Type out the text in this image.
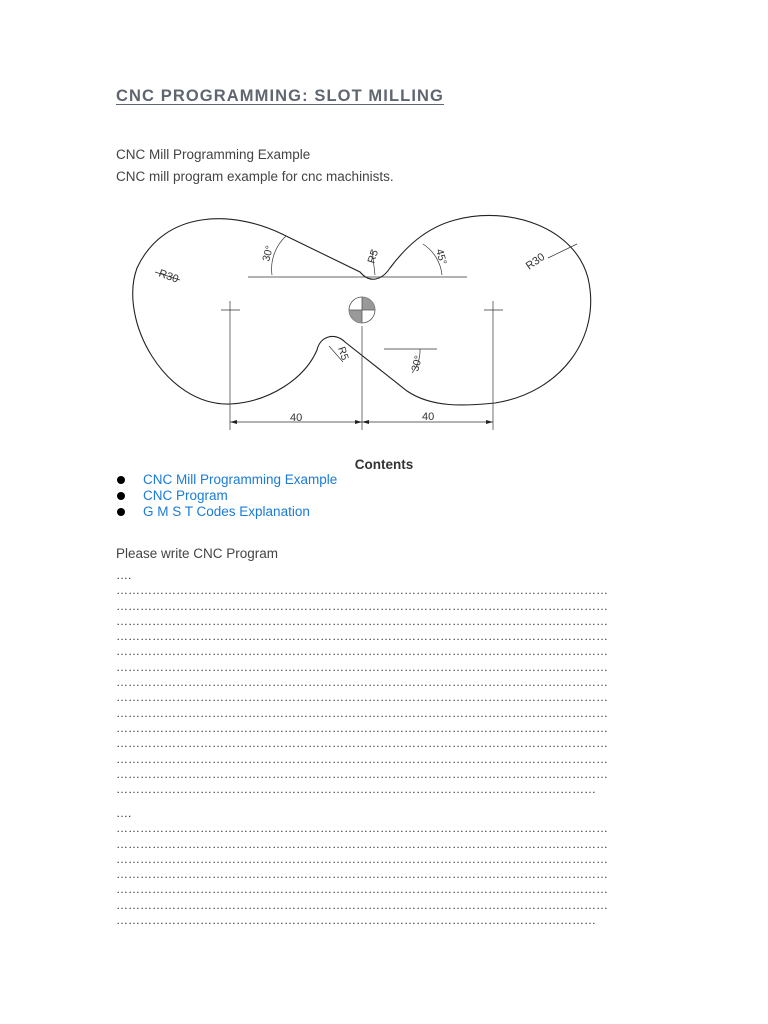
CNC PROGRAMMING: SLOT MILLING
CNC Mill Programming Example
CNC mill program example for cnc machinists.
R30
R30
R5
R5
30°	45°
30°
40	40
Contents
CNC Mill Programming Example
CNC Program
G M S T Codes Explanation
Please write CNC Program
….
……………………………………………………………………………………………………………
……………………………………………………………………………………………………………
……………………………………………………………………………………………………………
……………………………………………………………………………………………………………
……………………………………………………………………………………………………………
……………………………………………………………………………………………………………
……………………………………………………………………………………………………………
……………………………………………………………………………………………………………
……………………………………………………………………………………………………………
……………………………………………………………………………………………………………
……………………………………………………………………………………………………………
……………………………………………………………………………………………………………
……………………………………………………………………………………………………………
…………………………………………………………………………………………………………
….
……………………………………………………………………………………………………………
……………………………………………………………………………………………………………
……………………………………………………………………………………………………………
……………………………………………………………………………………………………………
……………………………………………………………………………………………………………
……………………………………………………………………………………………………………
…………………………………………………………………………………………………………
